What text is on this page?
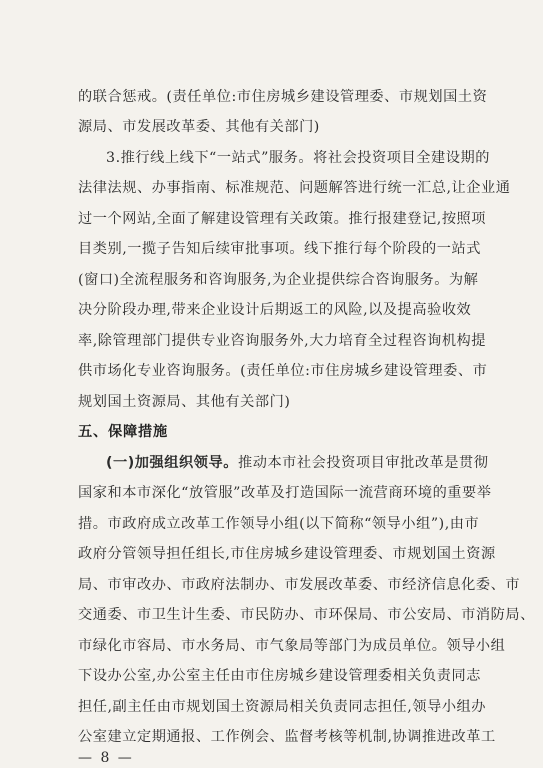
的联合惩戒。(责任单位:市住房城乡建设管理委、市规划国土资
源局、市发展改革委、其他有关部门)
3.推行线上线下“一站式”服务。将社会投资项目全建设期的
法律法规、办事指南、标准规范、问题解答进行统一汇总,让企业通
过一个网站,全面了解建设管理有关政策。推行报建登记,按照项
目类别,一揽子告知后续审批事项。线下推行每个阶段的一站式
(窗口)全流程服务和咨询服务,为企业提供综合咨询服务。为解
决分阶段办理,带来企业设计后期返工的风险,以及提高验收效
率,除管理部门提供专业咨询服务外,大力培育全过程咨询机构提
供市场化专业咨询服务。(责任单位:市住房城乡建设管理委、市
规划国土资源局、其他有关部门)
五、保障措施
(一)加强组织领导。推动本市社会投资项目审批改革是贯彻
国家和本市深化“放管服”改革及打造国际一流营商环境的重要举
措。市政府成立改革工作领导小组(以下简称“领导小组”),由市
政府分管领导担任组长,市住房城乡建设管理委、市规划国土资源
局、市审改办、市政府法制办、市发展改革委、市经济信息化委、市
交通委、市卫生计生委、市民防办、市环保局、市公安局、市消防局、
市绿化市容局、市水务局、市气象局等部门为成员单位。领导小组
下设办公室,办公室主任由市住房城乡建设管理委相关负责同志
担任,副主任由市规划国土资源局相关负责同志担任,领导小组办
公室建立定期通报、工作例会、监督考核等机制,协调推进改革工
— 8 —
